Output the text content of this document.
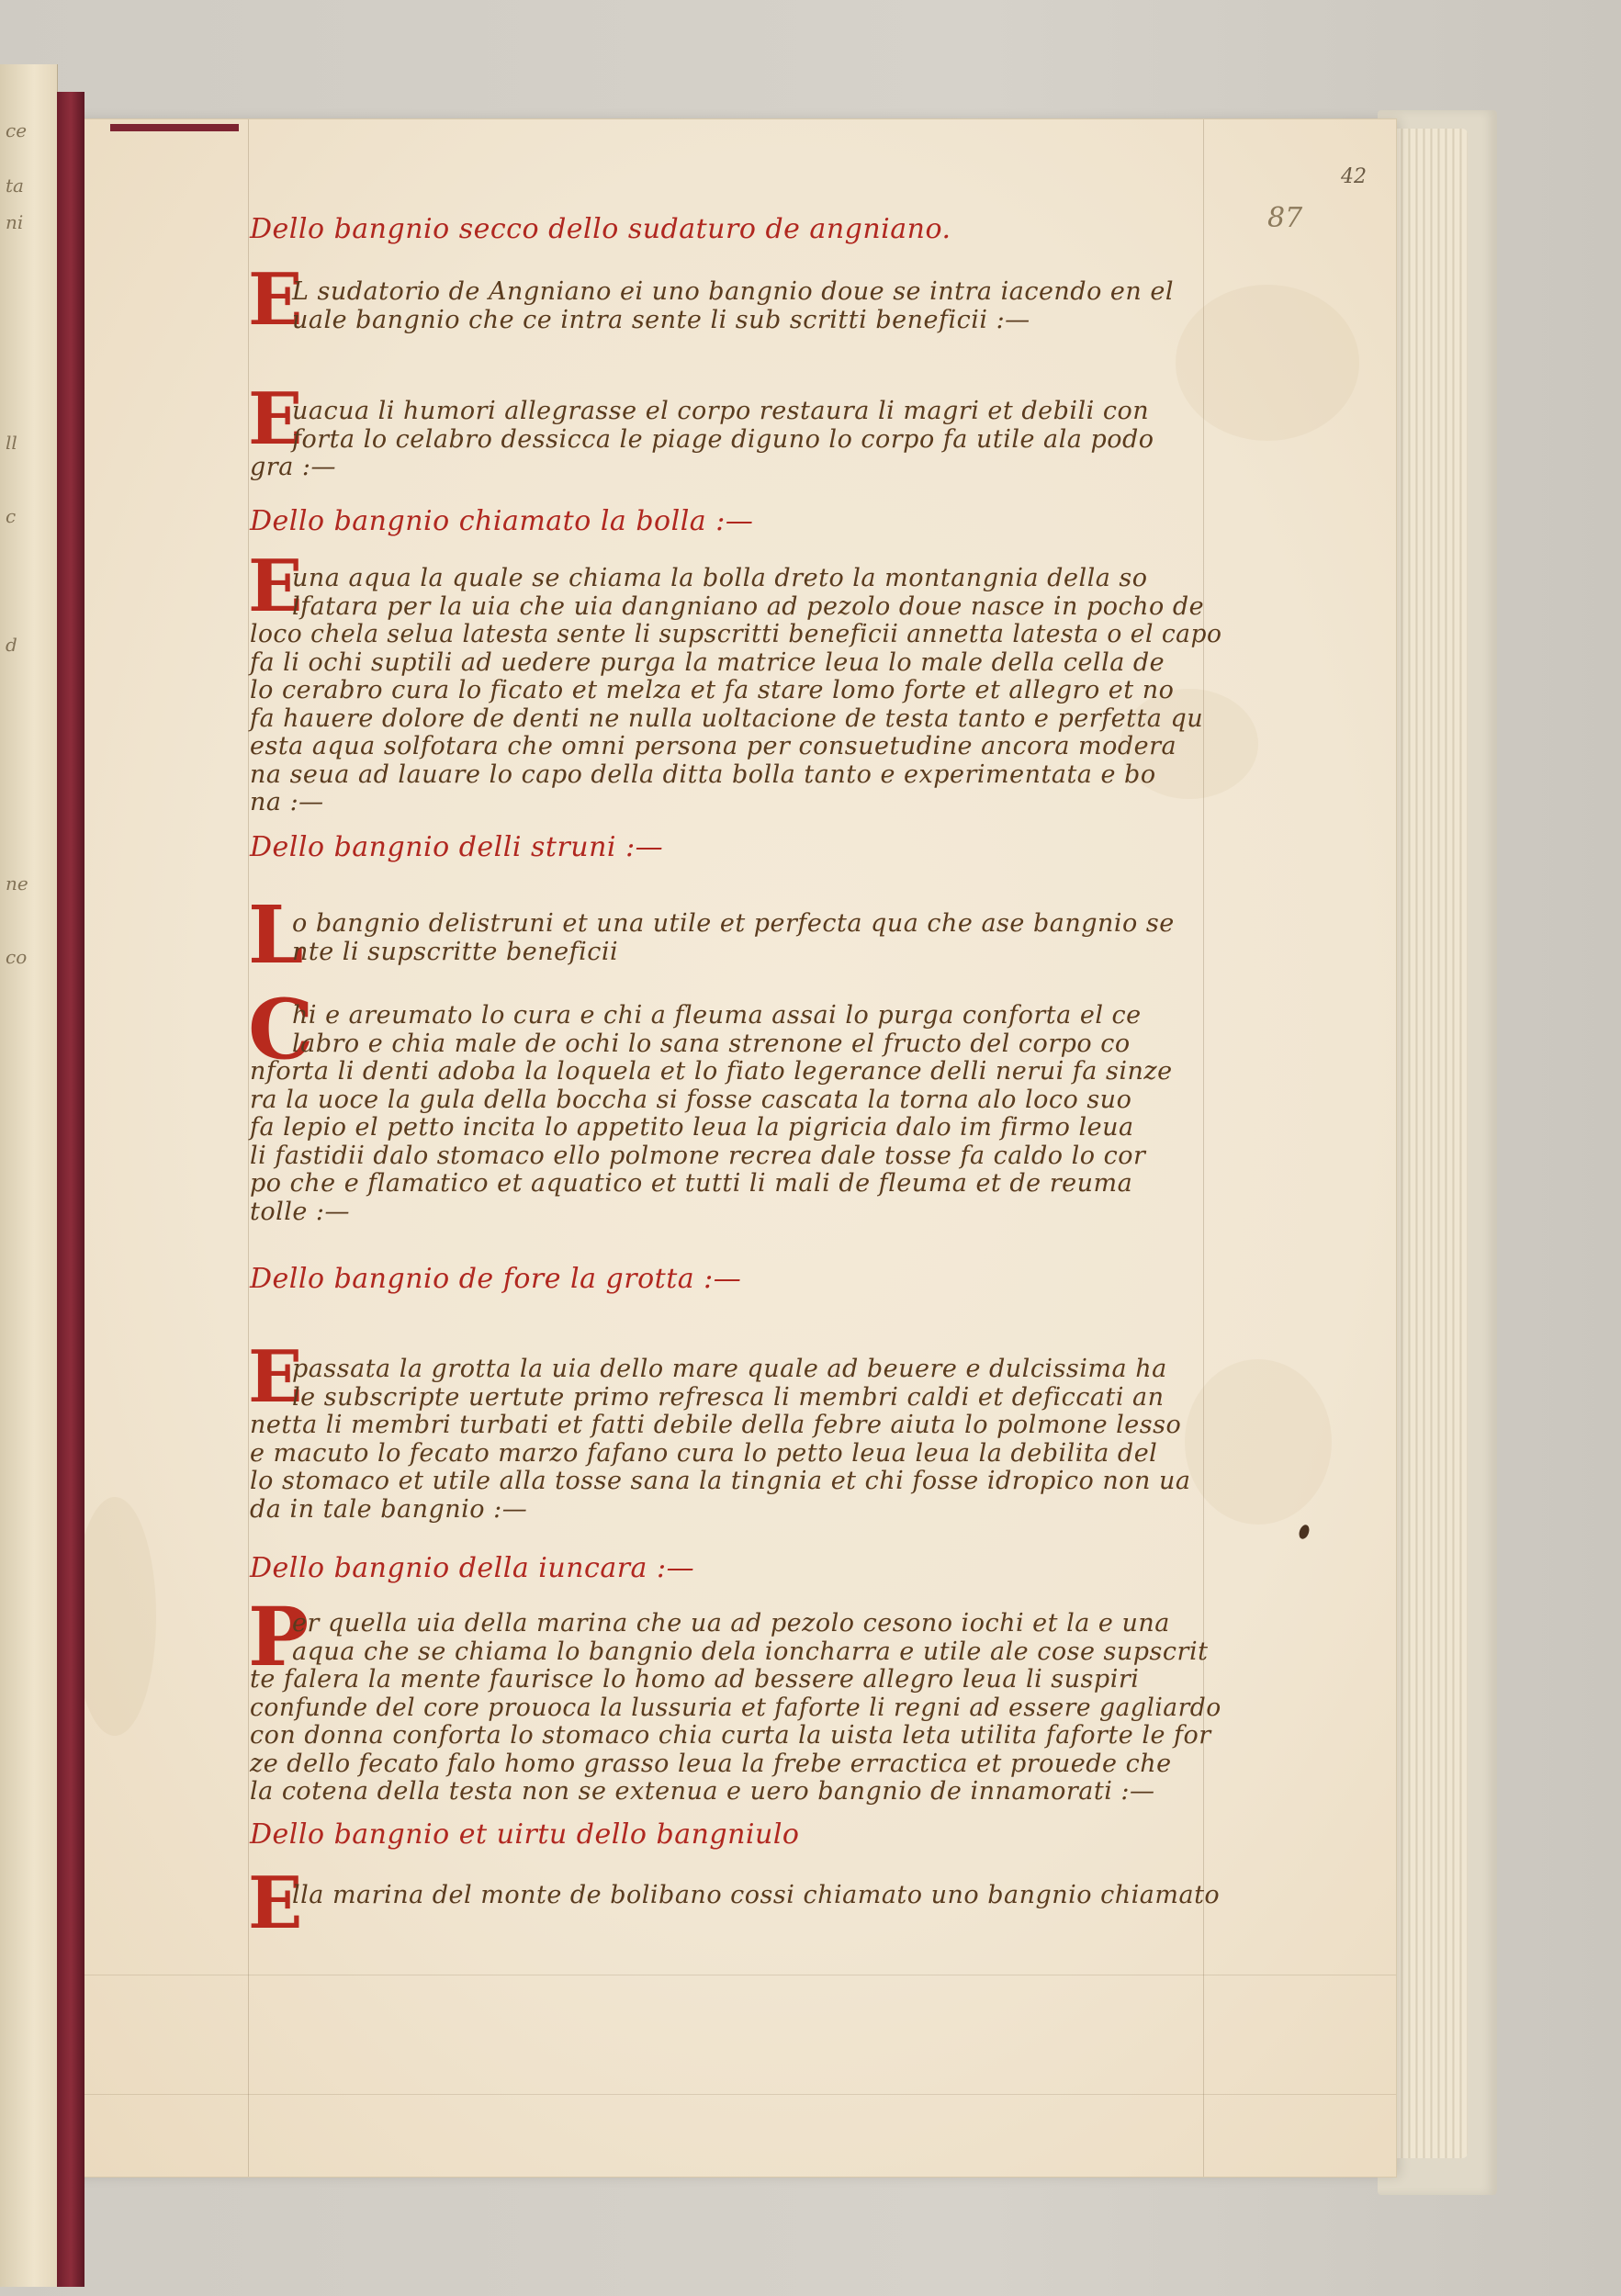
42
87
ce
ta
ni
ll
c
d
ne
co
Dello bangnio secco dello sudaturo de angniano.
E
L sudatorio de Angniano ei uno bangnio doue se intra iacendo en el
uale bangnio che ce intra sente li sub scritti beneficii :—
E
uacua li humori allegrasse el corpo restaura li magri et debili con
forta lo celabro dessicca le piage diguno lo corpo fa utile ala podo
gra :—
Dello bangnio chiamato la bolla :—
E
una aqua la quale se chiama la bolla dreto la montangnia della so
lfatara per la uia che uia dangniano ad pezolo doue nasce in pocho de
loco chela selua latesta sente li supscritti beneficii annetta latesta o el capo
fa li ochi suptili ad uedere purga la matrice leua lo male della cella de
lo cerabro cura lo ficato et melza et fa stare lomo forte et allegro et no
fa hauere dolore de denti ne nulla uoltacione de testa tanto e perfetta qu
esta aqua solfotara che omni persona per consuetudine ancora modera
na seua ad lauare lo capo della ditta bolla tanto e experimentata e bo
na :—
Dello bangnio delli struni :—
L
o bangnio delistruni et una utile et perfecta qua che ase bangnio se
nte li supscritte beneficii
C
hi e areumato lo cura e chi a fleuma assai lo purga conforta el ce
labro e chia male de ochi lo sana strenone el fructo del corpo co
nforta li denti adoba la loquela et lo fiato legerance delli nerui fa sinze
ra la uoce la gula della boccha si fosse cascata la torna alo loco suo
fa lepio el petto incita lo appetito leua la pigricia dalo im firmo leua
li fastidii dalo stomaco ello polmone recrea dale tosse fa caldo lo cor
po che e flamatico et aquatico et tutti li mali de fleuma et de reuma
tolle :—
Dello bangnio de fore la grotta :—
E
passata la grotta la uia dello mare quale ad beuere e dulcissima ha
le subscripte uertute primo refresca li membri caldi et deficcati an
netta li membri turbati et fatti debile della febre aiuta lo polmone lesso
e macuto lo fecato marzo fafano cura lo petto leua leua la debilita del
lo stomaco et utile alla tosse sana la tingnia et chi fosse idropico non ua
da in tale bangnio :—
Dello bangnio della iuncara :—
P
er quella uia della marina che ua ad pezolo cesono iochi et la e una
aqua che se chiama lo bangnio dela ioncharra e utile ale cose supscrit
te falera la mente faurisce lo homo ad bessere allegro leua li suspiri
confunde del core prouoca la lussuria et faforte li regni ad essere gagliardo
con donna conforta lo stomaco chia curta la uista leta utilita faforte le for
ze dello fecato falo homo grasso leua la frebe erractica et prouede che
la cotena della testa non se extenua e uero bangnio de innamorati :—
Dello bangnio et uirtu dello bangniulo
E
lla marina del monte de bolibano cossi chiamato uno bangnio chiamato
